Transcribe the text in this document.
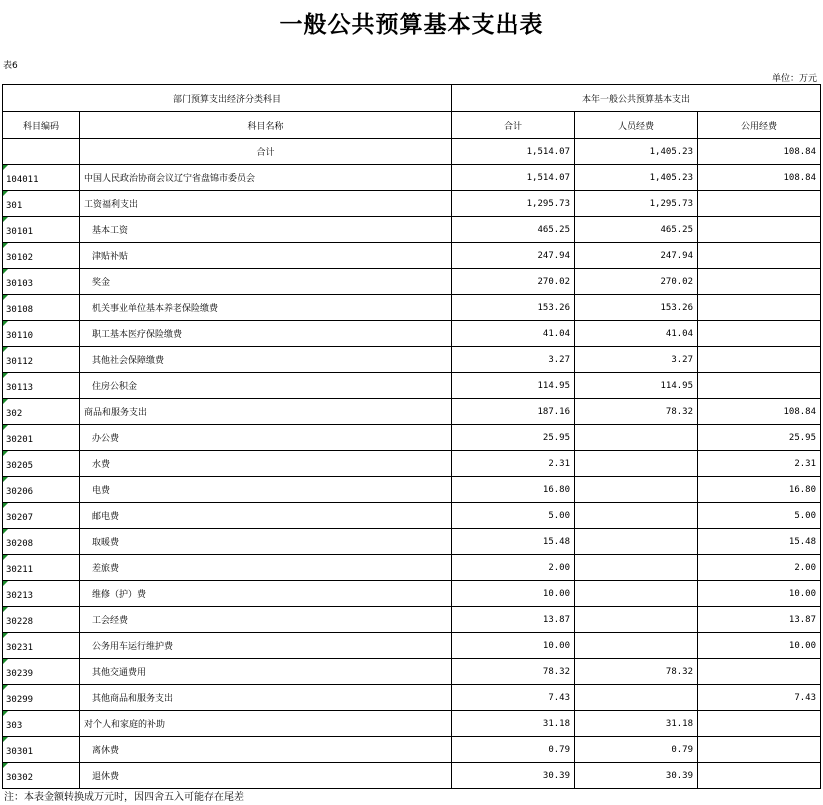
一般公共预算基本支出表
表6
单位：万元
部门预算支出经济分类科目		本年一般公共预算基本支出		
科目编码	科目名称	合计	人员经费	公用经费
	合计	1,514.07	1,405.23	108.84
104011	中国人民政治协商会议辽宁省盘锦市委员会	1,514.07	1,405.23	108.84
301	工资福利支出	1,295.73	1,295.73	
30101	基本工资	465.25	465.25	
30102	津贴补贴	247.94	247.94	
30103	奖金	270.02	270.02	
30108	机关事业单位基本养老保险缴费	153.26	153.26	
30110	职工基本医疗保险缴费	41.04	41.04	
30112	其他社会保障缴费	3.27	3.27	
30113	住房公积金	114.95	114.95	
302	商品和服务支出	187.16	78.32	108.84
30201	办公费	25.95		25.95
30205	水费	2.31		2.31
30206	电费	16.80		16.80
30207	邮电费	5.00		5.00
30208	取暖费	15.48		15.48
30211	差旅费	2.00		2.00
30213	维修（护）费	10.00		10.00
30228	工会经费	13.87		13.87
30231	公务用车运行维护费	10.00		10.00
30239	其他交通费用	78.32	78.32	
30299	其他商品和服务支出	7.43		7.43
303	对个人和家庭的补助	31.18	31.18	
30301	离休费	0.79	0.79	
30302	退休费	30.39	30.39	
注：本表金额转换成万元时，因四舍五入可能存在尾差
